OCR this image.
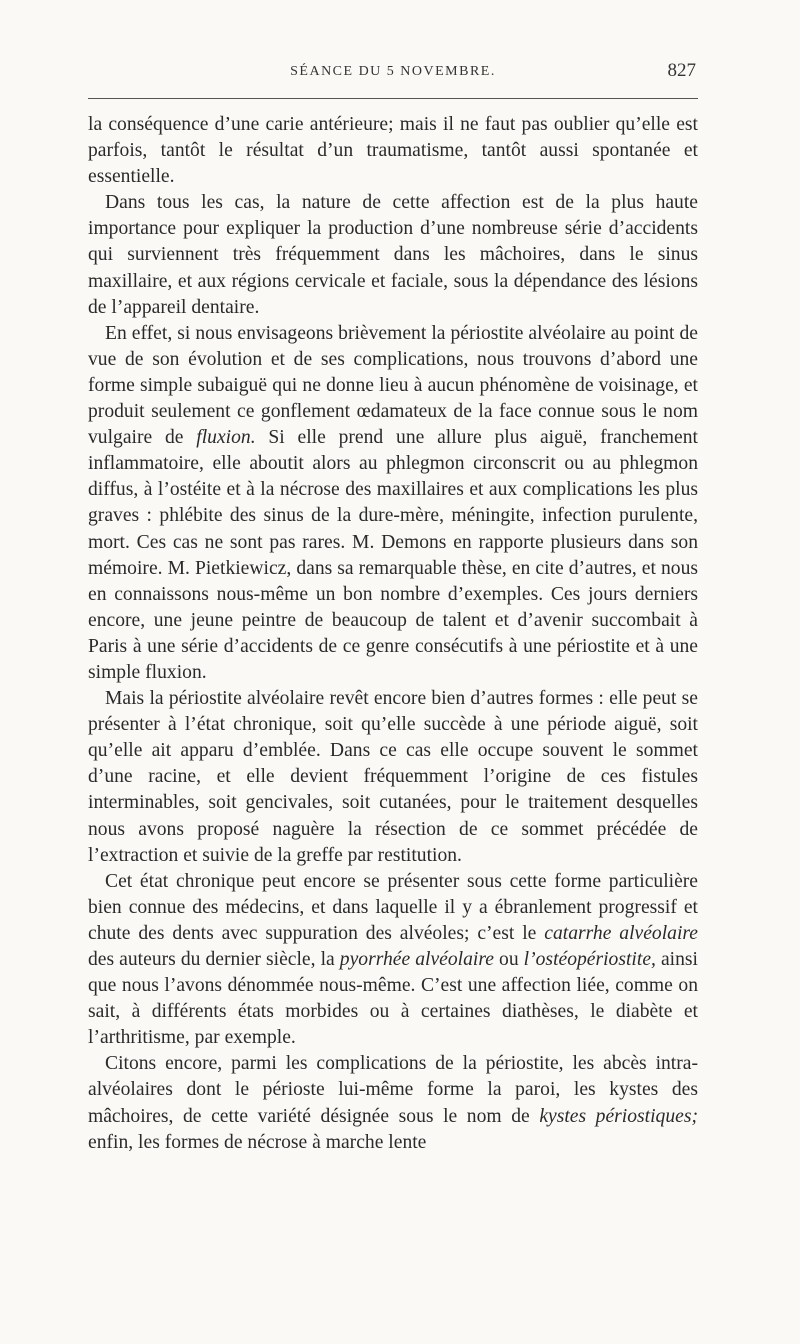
SÉANCE DU 5 NOVEMBRE.	827

la conséquence d’une carie antérieure; mais il ne faut pas oublier qu’elle est parfois, tantôt le résultat d’un traumatisme, tantôt aussi spontanée et essentielle.

Dans tous les cas, la nature de cette affection est de la plus haute importance pour expliquer la production d’une nombreuse série d’accidents qui surviennent très fréquemment dans les mâchoires, dans le sinus maxillaire, et aux régions cervicale et faciale, sous la dépendance des lésions de l’appareil dentaire.

En effet, si nous envisageons brièvement la périostite alvéolaire au point de vue de son évolution et de ses complications, nous trouvons d’abord une forme simple subaiguë qui ne donne lieu à aucun phénomène de voisinage, et produit seulement ce gonflement œdamateux de la face connue sous le nom vulgaire de fluxion. Si elle prend une allure plus aiguë, franchement inflammatoire, elle aboutit alors au phlegmon circonscrit ou au phlegmon diffus, à l’ostéite et à la nécrose des maxillaires et aux complications les plus graves : phlébite des sinus de la dure-mère, méningite, infection purulente, mort. Ces cas ne sont pas rares. M. Demons en rapporte plusieurs dans son mémoire. M. Pietkiewicz, dans sa remarquable thèse, en cite d’autres, et nous en connaissons nous-même un bon nombre d’exemples. Ces jours derniers encore, une jeune peintre de beaucoup de talent et d’avenir succombait à Paris à une série d’accidents de ce genre consécutifs à une périostite et à une simple fluxion.

Mais la périostite alvéolaire revêt encore bien d’autres formes : elle peut se présenter à l’état chronique, soit qu’elle succède à une période aiguë, soit qu’elle ait apparu d’emblée. Dans ce cas elle occupe souvent le sommet d’une racine, et elle devient fréquemment l’origine de ces fistules interminables, soit gencivales, soit cutanées, pour le traitement desquelles nous avons proposé naguère la résection de ce sommet précédée de l’extraction et suivie de la greffe par restitution.

Cet état chronique peut encore se présenter sous cette forme particulière bien connue des médecins, et dans laquelle il y a ébranlement progressif et chute des dents avec suppuration des alvéoles; c’est le catarrhe alvéolaire des auteurs du dernier siècle, la pyorrhée alvéolaire ou l’ostéopériostite, ainsi que nous l’avons dénommée nous-même. C’est une affection liée, comme on sait, à différents états morbides ou à certaines diathèses, le diabète et l’arthritisme, par exemple.

Citons encore, parmi les complications de la périostite, les abcès intra-alvéolaires dont le périoste lui-même forme la paroi, les kystes des mâchoires, de cette variété désignée sous le nom de kystes périostiques; enfin, les formes de nécrose à marche lente
